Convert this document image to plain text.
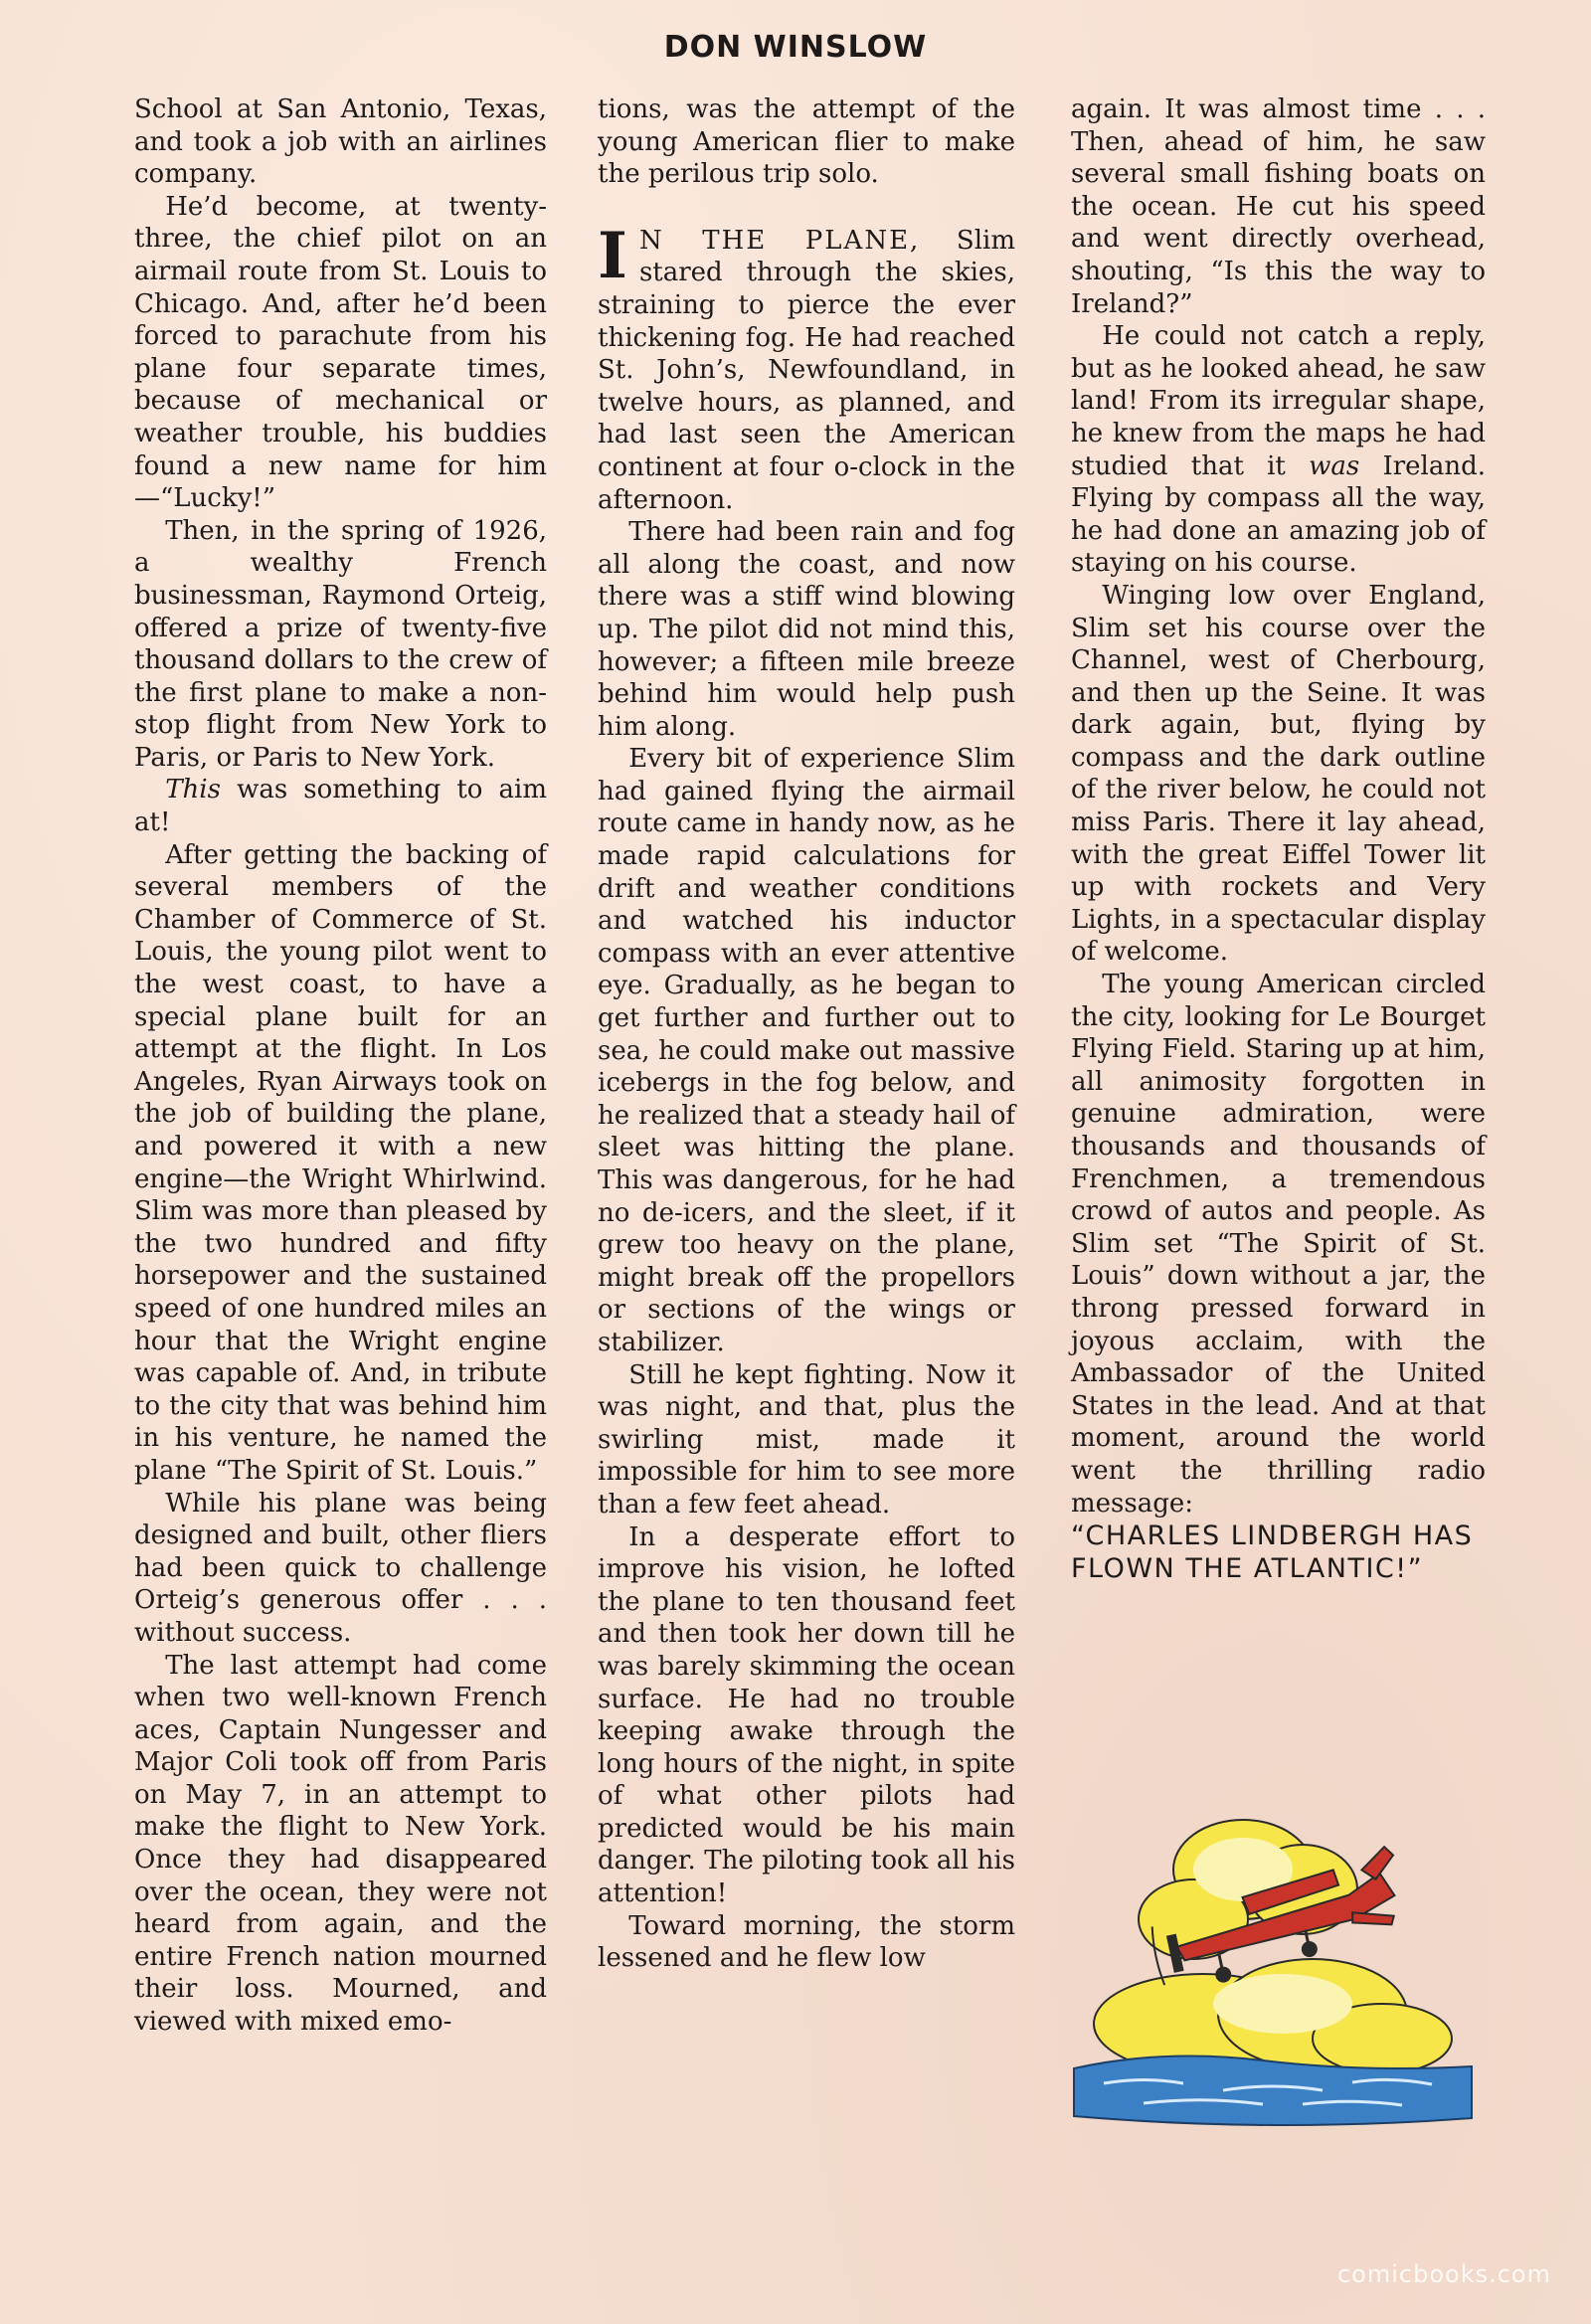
DON WINSLOW

School at San Antonio, Texas, and took a job with an airlines company.

He’d become, at twenty-three, the chief pilot on an airmail route from St. Louis to Chicago. And, after he’d been forced to parachute from his plane four separate times, because of mechanical or weather trouble, his buddies found a new name for him—“Lucky!”

Then, in the spring of 1926, a wealthy French businessman, Raymond Orteig, offered a prize of twenty-five thousand dollars to the crew of the first plane to make a non-stop flight from New York to Paris, or Paris to New York.

This was something to aim at!

After getting the backing of several members of the Chamber of Commerce of St. Louis, the young pilot went to the west coast, to have a special plane built for an attempt at the flight. In Los Angeles, Ryan Airways took on the job of building the plane, and powered it with a new engine—the Wright Whirlwind. Slim was more than pleased by the two hundred and fifty horsepower and the sustained speed of one hundred miles an hour that the Wright engine was capable of. And, in tribute to the city that was behind him in his venture, he named the plane “The Spirit of St. Louis.”

While his plane was being designed and built, other fliers had been quick to challenge Orteig’s generous offer . . . without success.

The last attempt had come when two well-known French aces, Captain Nungesser and Major Coli took off from Paris on May 7, in an attempt to make the flight to New York. Once they had disappeared over the ocean, they were not heard from again, and the entire French nation mourned their loss. Mourned, and viewed with mixed emo-

tions, was the attempt of the young American flier to make the perilous trip solo.

I N THE PLANE, Slim stared through the skies, straining to pierce the ever thickening fog. He had reached St. John’s, Newfoundland, in twelve hours, as planned, and had last seen the American continent at four o-clock in the afternoon.

There had been rain and fog all along the coast, and now there was a stiff wind blowing up. The pilot did not mind this, however; a fifteen mile breeze behind him would help push him along.

Every bit of experience Slim had gained flying the airmail route came in handy now, as he made rapid calculations for drift and weather conditions and watched his inductor compass with an ever attentive eye. Gradually, as he began to get further and further out to sea, he could make out massive icebergs in the fog below, and he realized that a steady hail of sleet was hitting the plane. This was dangerous, for he had no de-icers, and the sleet, if it grew too heavy on the plane, might break off the propellors or sections of the wings or stabilizer.

Still he kept fighting. Now it was night, and that, plus the swirling mist, made it impossible for him to see more than a few feet ahead.

In a desperate effort to improve his vision, he lofted the plane to ten thousand feet and then took her down till he was barely skimming the ocean surface. He had no trouble keeping awake through the long hours of the night, in spite of what other pilots had predicted would be his main danger. The piloting took all his attention!

Toward morning, the storm lessened and he flew low

again. It was almost time . . . Then, ahead of him, he saw several small fishing boats on the ocean. He cut his speed and went directly overhead, shouting, “Is this the way to Ireland?”

He could not catch a reply, but as he looked ahead, he saw land! From its irregular shape, he knew from the maps he had studied that it was Ireland. Flying by compass all the way, he had done an amazing job of staying on his course.

Winging low over England, Slim set his course over the Channel, west of Cherbourg, and then up the Seine. It was dark again, but, flying by compass and the dark outline of the river below, he could not miss Paris. There it lay ahead, with the great Eiffel Tower lit up with rockets and Very Lights, in a spectacular display of welcome.

The young American circled the city, looking for Le Bourget Flying Field. Staring up at him, all animosity forgotten in genuine admiration, were thousands and thousands of Frenchmen, a tremendous crowd of autos and people. As Slim set “The Spirit of St. Louis” down without a jar, the throng pressed forward in joyous acclaim, with the Ambassador of the United States in the lead. And at that moment, around the world went the thrilling radio message:

“CHARLES LINDBERGH HAS FLOWN THE ATLANTIC!”

comicbooks.com
